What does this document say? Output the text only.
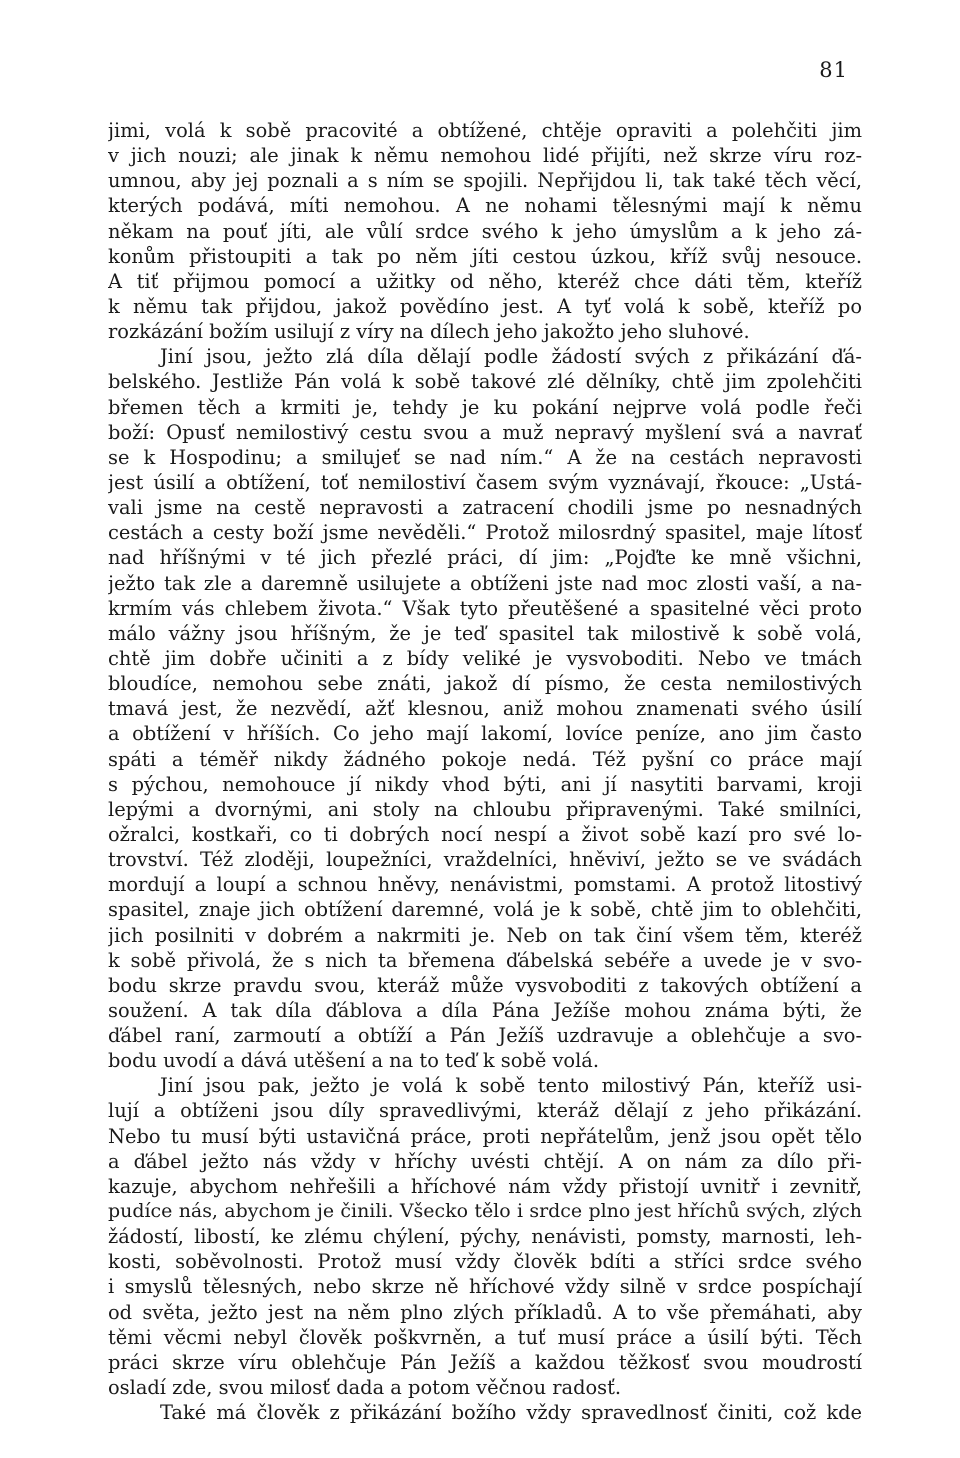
81
jimi, volá k sobě pracovité a obtížené, chtěje opraviti a polehčiti jim
v jich nouzi; ale jinak k němu nemohou lidé přijíti, než skrze víru roz-
umnou, aby jej poznali a s ním se spojili. Nepřijdou li, tak také těch věcí,
kterých podává, míti nemohou. A ne nohami tělesnými mají k němu
někam na pouť jíti, ale vůlí srdce svého k jeho úmyslům a k jeho zá-
konům přistoupiti a tak po něm jíti cestou úzkou, kříž svůj nesouce.
A tiť přijmou pomocí a užitky od něho, kteréž chce dáti těm, kteříž
k němu tak přijdou, jakož povědíno jest. A tyť volá k sobě, kteříž po
rozkázání božím usilují z víry na dílech jeho jakožto jeho sluhové.
Jiní jsou, ježto zlá díla dělají podle žádostí svých z přikázání ďá-
belského. Jestliže Pán volá k sobě takové zlé dělníky, chtě jim zpolehčiti
břemen těch a krmiti je, tehdy je ku pokání nejprve volá podle řeči
boží: Opusť nemilostivý cestu svou a muž nepravý myšlení svá a navrať
se k Hospodinu; a smilujeť se nad ním.“ A že na cestách nepravosti
jest úsilí a obtížení, toť nemilostiví časem svým vyznávají, řkouce: „Ustá-
vali jsme na cestě nepravosti a zatracení chodili jsme po nesnadných
cestách a cesty boží jsme nevěděli.“ Protož milosrdný spasitel, maje lítosť
nad hříšnými v té jich přezlé práci, dí jim: „Pojďte ke mně všichni,
ježto tak zle a daremně usilujete a obtíženi jste nad moc zlosti vaší, a na-
krmím vás chlebem života.“ Však tyto přeutěšené a spasitelné věci proto
málo vážny jsou hříšným, že je teď spasitel tak milostivě k sobě volá,
chtě jim dobře učiniti a z bídy veliké je vysvoboditi. Nebo ve tmách
bloudíce, nemohou sebe znáti, jakož dí písmo, že cesta nemilostivých
tmavá jest, že nezvědí, ažť klesnou, aniž mohou znamenati svého úsilí
a obtížení v hříších. Co jeho mají lakomí, lovíce peníze, ano jim často
spáti a téměř nikdy žádného pokoje nedá. Též pyšní co práce mají
s pýchou, nemohouce jí nikdy vhod býti, ani jí nasytiti barvami, kroji
lepými a dvornými, ani stoly na chloubu připravenými. Také smilníci,
ožralci, kostkaři, co ti dobrých nocí nespí a život sobě kazí pro své lo-
trovství. Též zloději, loupežníci, vraždelníci, hněviví, ježto se ve svádách
mordují a loupí a schnou hněvy, nenávistmi, pomstami. A protož litostivý
spasitel, znaje jich obtížení daremné, volá je k sobě, chtě jim to oblehčiti,
jich posilniti v dobrém a nakrmiti je. Neb on tak činí všem těm, kteréž
k sobě přivolá, že s nich ta břemena ďábelská sebéře a uvede je v svo-
bodu skrze pravdu svou, kteráž může vysvoboditi z takových obtížení a
soužení. A tak díla ďáblova a díla Pána Ježíše mohou známa býti, že
ďábel raní, zarmoutí a obtíží a Pán Ježíš uzdravuje a oblehčuje a svo-
bodu uvodí a dává utěšení a na to teď k sobě volá.
Jiní jsou pak, ježto je volá k sobě tento milostivý Pán, kteříž usi-
lují a obtíženi jsou díly spravedlivými, kteráž dělají z jeho přikázání.
Nebo tu musí býti ustavičná práce, proti nepřátelům, jenž jsou opět tělo
a ďábel ježto nás vždy v hříchy uvésti chtějí. A on nám za dílo při-
kazuje, abychom nehřešili a hříchové nám vždy přistojí uvnitř i zevnitř,
pudíce nás, abychom je činili. Všecko tělo i srdce plno jest hříchů svých, zlých
žádostí, libostí, ke zlému chýlení, pýchy, nenávisti, pomsty, marnosti, leh-
kosti, soběvolnosti. Protož musí vždy člověk bdíti a stříci srdce svého
i smyslů tělesných, nebo skrze ně hříchové vždy silně v srdce pospíchají
od světa, ježto jest na něm plno zlých příkladů. A to vše přemáhati, aby
těmi věcmi nebyl člověk poškvrněn, a tuť musí práce a úsilí býti. Těch
práci skrze víru oblehčuje Pán Ježíš a každou těžkosť svou moudrostí
osladí zde, svou milosť dada a potom věčnou radosť.
Také má člověk z přikázání božího vždy spravedlnosť činiti, což kde
